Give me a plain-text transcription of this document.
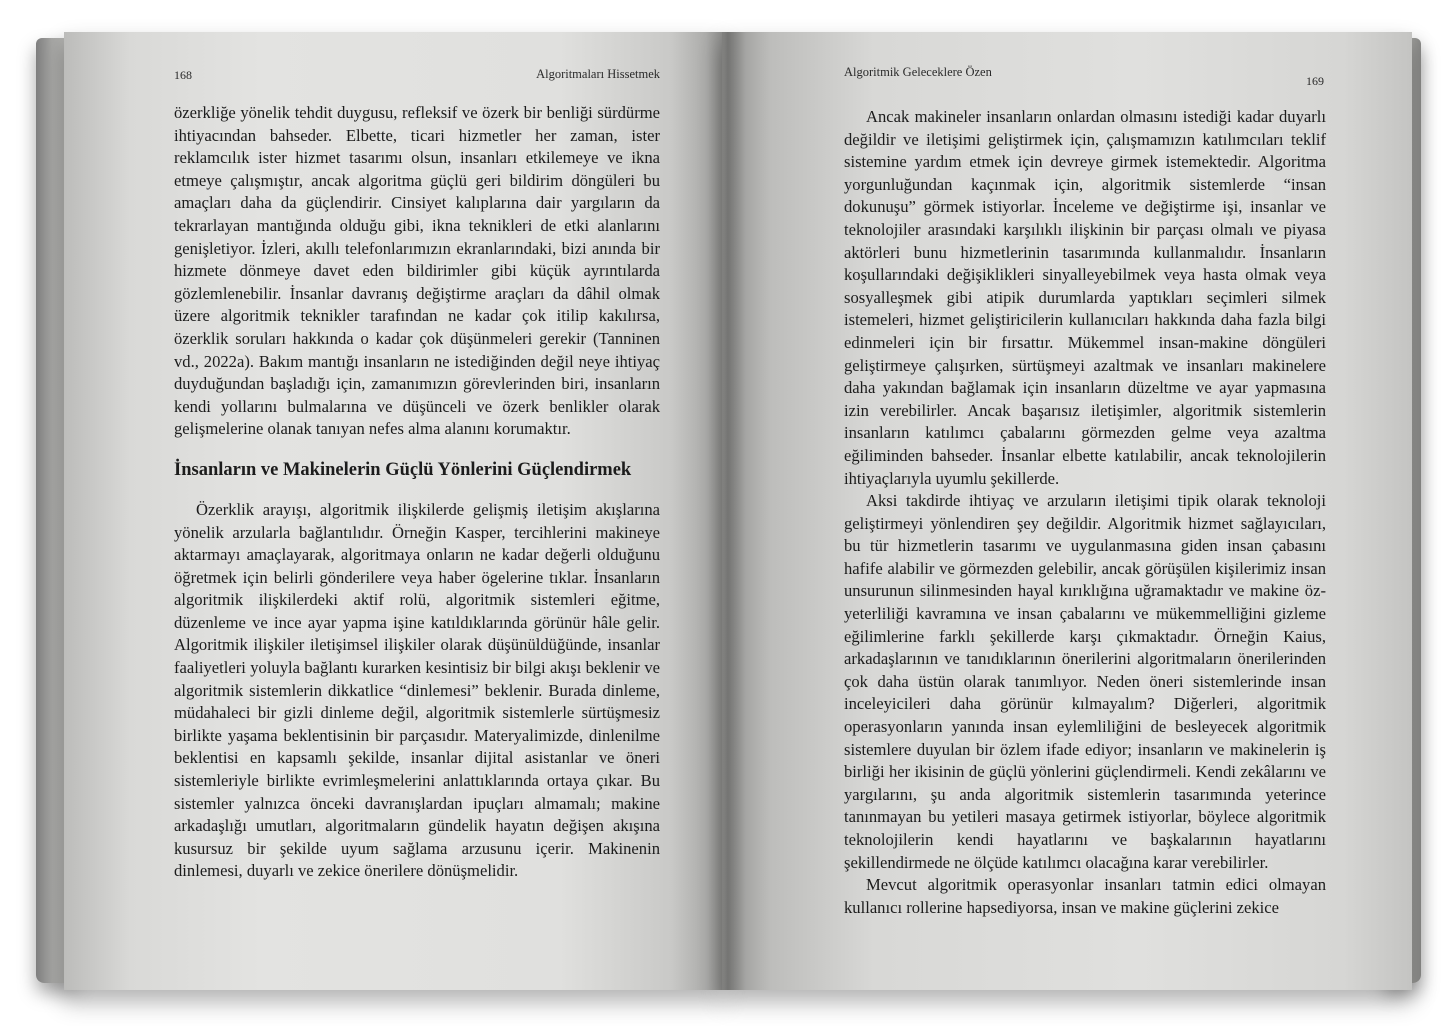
168	Algoritmaları Hissetmek

özerkliğe yönelik tehdit duygusu, refleksif ve özerk bir benliği sürdürme ihtiyacından bahseder. Elbette, ticari hizmetler her zaman, ister reklamcılık ister hizmet tasarımı olsun, insanları etkilemeye ve ikna etmeye çalışmıştır, ancak algoritma güçlü geri bildirim döngüleri bu amaçları daha da güçlendirir. Cinsiyet kalıplarına dair yargıların da tekrarlayan mantığında olduğu gibi, ikna teknikleri de etki alanlarını genişletiyor. İzleri, akıllı telefonlarımızın ekranlarındaki, bizi anında bir hizmete dönmeye davet eden bildirimler gibi küçük ayrıntılarda gözlemlenebilir. İnsanlar davranış değiştirme araçları da dâhil olmak üzere algoritmik teknikler tarafından ne kadar çok itilip kakılırsa, özerklik soruları hakkında o kadar çok düşünmeleri gerekir (Tanninen vd., 2022a). Bakım mantığı insanların ne istediğinden değil neye ihtiyaç duyduğundan başladığı için, zamanımızın görevlerinden biri, insanların kendi yollarını bulmalarına ve düşünceli ve özerk benlikler olarak gelişmelerine olanak tanıyan nefes alma alanını korumaktır.

İnsanların ve Makinelerin Güçlü Yönlerini Güçlendirmek

Özerklik arayışı, algoritmik ilişkilerde gelişmiş iletişim akışlarına yönelik arzularla bağlantılıdır. Örneğin Kasper, tercihlerini makineye aktarmayı amaçlayarak, algoritmaya onların ne kadar değerli olduğunu öğretmek için belirli gönderilere veya haber ögelerine tıklar. İnsanların algoritmik ilişkilerdeki aktif rolü, algoritmik sistemleri eğitme, düzenleme ve ince ayar yapma işine katıldıklarında görünür hâle gelir. Algoritmik ilişkiler iletişimsel ilişkiler olarak düşünüldüğünde, insanlar faaliyetleri yoluyla bağlantı kurarken kesintisiz bir bilgi akışı beklenir ve algoritmik sistemlerin dikkatlice “dinlemesi” beklenir. Burada dinleme, müdahaleci bir gizli dinleme değil, algoritmik sistemlerle sürtüşmesiz birlikte yaşama beklentisinin bir parçasıdır. Materyalimizde, dinlenilme beklentisi en kapsamlı şekilde, insanlar dijital asistanlar ve öneri sistemleriyle birlikte evrimleşmelerini anlattıklarında ortaya çıkar. Bu sistemler yalnızca önceki davranışlardan ipuçları almamalı; makine arkadaşlığı umutları, algoritmaların gündelik hayatın değişen akışına kusursuz bir şekilde uyum sağlama arzusunu içerir. Makinenin dinlemesi, duyarlı ve zekice önerilere dönüşmelidir.

Algoritmik Geleceklere Özen
169

Ancak makineler insanların onlardan olmasını istediği kadar duyarlı değildir ve iletişimi geliştirmek için, çalışmamızın katılımcıları teklif sistemine yardım etmek için devreye girmek istemektedir. Algoritma yorgunluğundan kaçınmak için, algoritmik sistemlerde “insan dokunuşu” görmek istiyorlar. İnceleme ve değiştirme işi, insanlar ve teknolojiler arasındaki karşılıklı ilişkinin bir parçası olmalı ve piyasa aktörleri bunu hizmetlerinin tasarımında kullanmalıdır. İnsanların koşullarındaki değişiklikleri sinyalleyebilmek veya hasta olmak veya sosyalleşmek gibi atipik durumlarda yaptıkları seçimleri silmek istemeleri, hizmet geliştiricilerin kullanıcıları hakkında daha fazla bilgi edinmeleri için bir fırsattır. Mükemmel insan-makine döngüleri geliştirmeye çalışırken, sürtüşmeyi azaltmak ve insanları makinelere daha yakından bağlamak için insanların düzeltme ve ayar yapmasına izin verebilirler. Ancak başarısız iletişimler, algoritmik sistemlerin insanların katılımcı çabalarını görmezden gelme veya azaltma eğiliminden bahseder. İnsanlar elbette katılabilir, ancak teknolojilerin ihtiyaçlarıyla uyumlu şekillerde.

Aksi takdirde ihtiyaç ve arzuların iletişimi tipik olarak teknoloji geliştirmeyi yönlendiren şey değildir. Algoritmik hizmet sağlayıcıları, bu tür hizmetlerin tasarımı ve uygulanmasına giden insan çabasını hafife alabilir ve görmezden gelebilir, ancak görüşülen kişilerimiz insan unsurunun silinmesinden hayal kırıklığına uğramaktadır ve makine öz-yeterliliği kavramına ve insan çabalarını ve mükemmelliğini gizleme eğilimlerine farklı şekillerde karşı çıkmaktadır. Örneğin Kaius, arkadaşlarının ve tanıdıklarının önerilerini algoritmaların önerilerinden çok daha üstün olarak tanımlıyor. Neden öneri sistemlerinde insan inceleyicileri daha görünür kılmayalım? Diğerleri, algoritmik operasyonların yanında insan eylemliliğini de besleyecek algoritmik sistemlere duyulan bir özlem ifade ediyor; insanların ve makinelerin iş birliği her ikisinin de güçlü yönlerini güçlendirmeli. Kendi zekâlarını ve yargılarını, şu anda algoritmik sistemlerin tasarımında yeterince tanınmayan bu yetileri masaya getirmek istiyorlar, böylece algoritmik teknolojilerin kendi hayatlarını ve başkalarının hayatlarını şekillendirmede ne ölçüde katılımcı olacağına karar verebilirler.

Mevcut algoritmik operasyonlar insanları tatmin edici olmayan kullanıcı rollerine hapsediyorsa, insan ve makine güçlerini zekice
